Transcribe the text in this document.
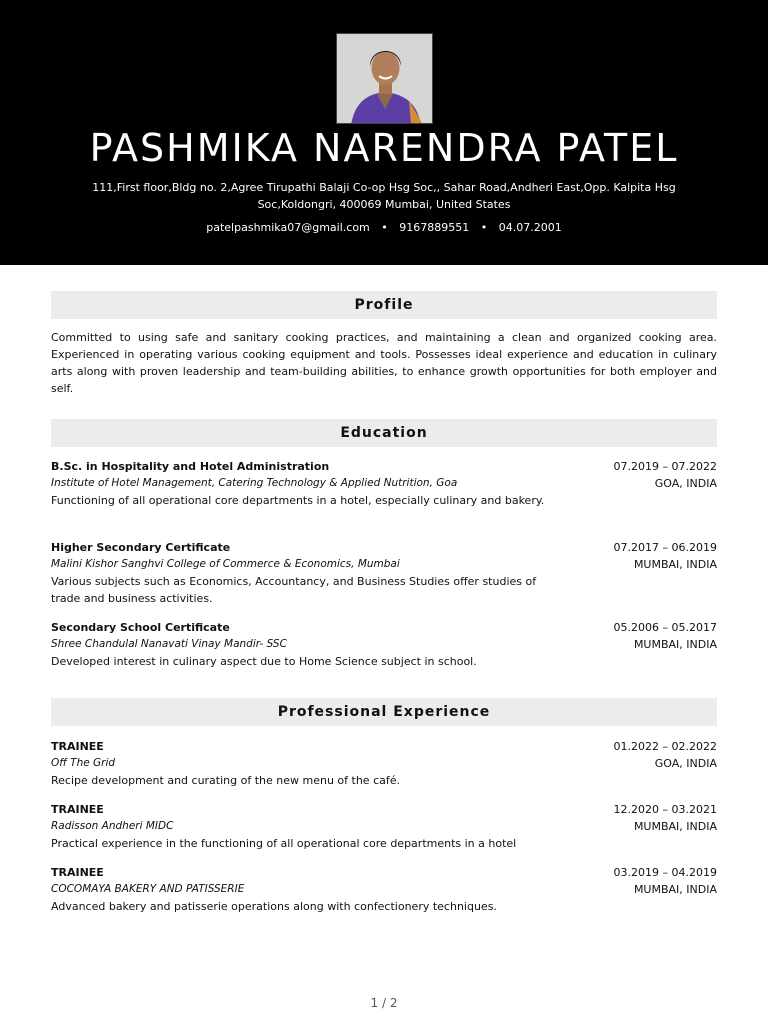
PASHMIKA NARENDRA PATEL
111,First floor,Bldg no. 2,Agree Tirupathi Balaji Co-op Hsg Soc,, Sahar Road,Andheri East,Opp. Kalpita Hsg Soc,Koldongri, 400069 Mumbai, United States
patelpashmika07@gmail.com • 9167889551 • 04.07.2001
Profile
Committed to using safe and sanitary cooking practices, and maintaining a clean and organized cooking area. Experienced in operating various cooking equipment and tools. Possesses ideal experience and education in culinary arts along with proven leadership and team-building abilities, to enhance growth opportunities for both employer and self.
Education
B.Sc. in Hospitality and Hotel Administration
Institute of Hotel Management, Catering Technology & Applied Nutrition, Goa
Functioning of all operational core departments in a hotel, especially culinary and bakery.
07.2019 – 07.2022
GOA, INDIA
Higher Secondary Certificate
Malini Kishor Sanghvi College of Commerce & Economics, Mumbai
Various subjects such as Economics, Accountancy, and Business Studies offer studies of trade and business activities.
07.2017 – 06.2019
MUMBAI, INDIA
Secondary School Certificate
Shree Chandulal Nanavati Vinay Mandir- SSC
Developed interest in culinary aspect due to Home Science subject in school.
05.2006 – 05.2017
MUMBAI, INDIA
Professional Experience
TRAINEE
Off The Grid
Recipe development and curating of the new menu of the café.
01.2022 – 02.2022
GOA, INDIA
TRAINEE
Radisson Andheri MIDC
Practical experience in the functioning of all operational core departments in a hotel
12.2020 – 03.2021
MUMBAI, INDIA
TRAINEE
COCOMAYA BAKERY AND PATISSERIE
Advanced bakery and patisserie operations along with confectionery techniques.
03.2019 – 04.2019
MUMBAI, INDIA
1 / 2
